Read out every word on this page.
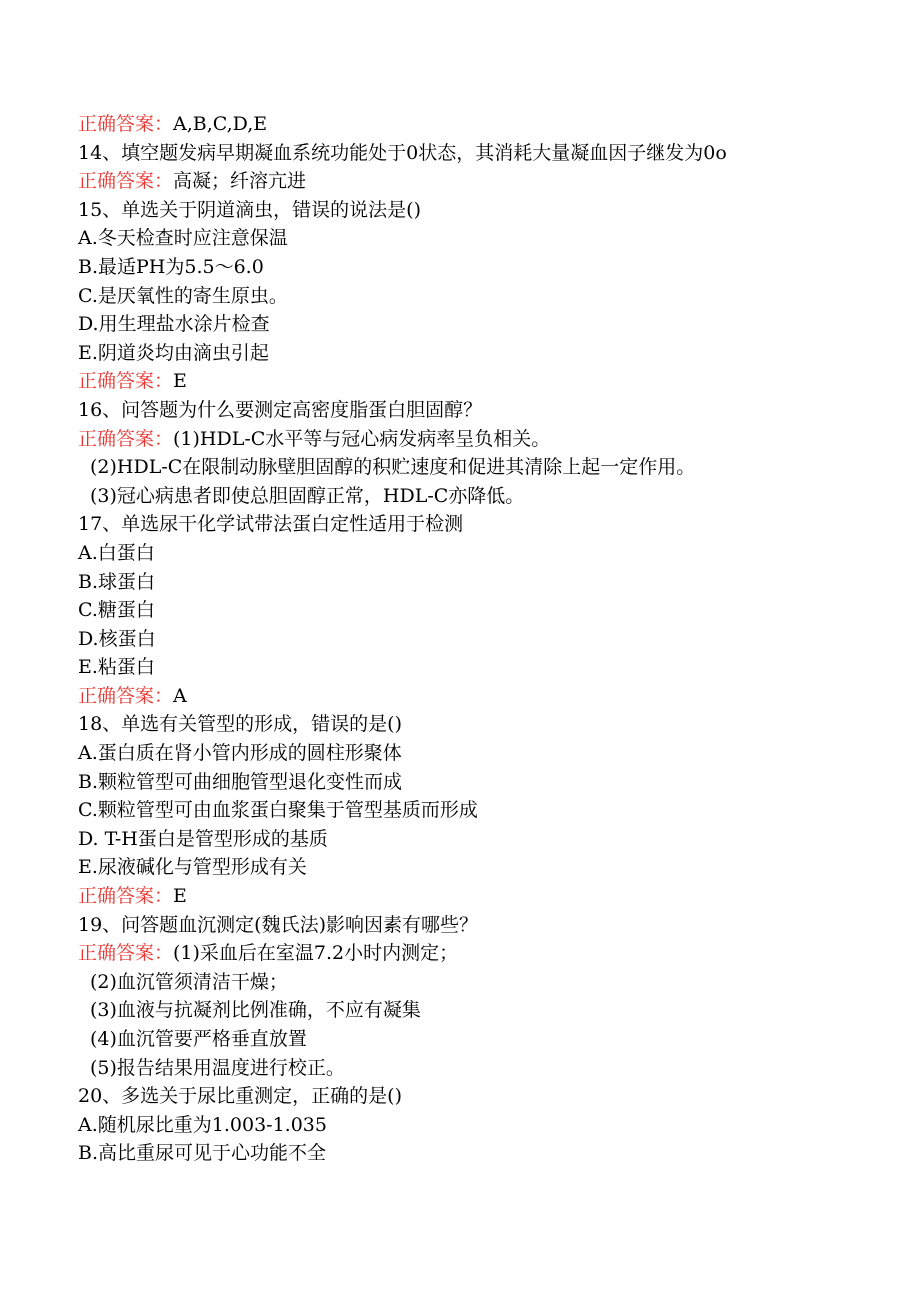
正确答案：A,B,C,D,E
14、填空题发病早期凝血系统功能处于0状态，其消耗大量凝血因子继发为0o
正确答案：高凝；纤溶亢进
15、单选关于阴道滴虫，错误的说法是()
A.冬天检查时应注意保温
B.最适PH为5.5～6.0
C.是厌氧性的寄生原虫。
D.用生理盐水涂片检查
E.阴道炎均由滴虫引起
正确答案：E
16、问答题为什么要测定高密度脂蛋白胆固醇？
正确答案：(1)HDL-C水平等与冠心病发病率呈负相关。
(2)HDL-C在限制动脉壁胆固醇的积贮速度和促进其清除上起一定作用。
(3)冠心病患者即使总胆固醇正常，HDL-C亦降低。
17、单选尿干化学试带法蛋白定性适用于检测
A.白蛋白
B.球蛋白
C.糖蛋白
D.核蛋白
E.粘蛋白
正确答案：A
18、单选有关管型的形成，错误的是()
A.蛋白质在肾小管内形成的圆柱形聚体
B.颗粒管型可曲细胞管型退化变性而成
C.颗粒管型可由血浆蛋白聚集于管型基质而形成
D. T-H蛋白是管型形成的基质
E.尿液碱化与管型形成有关
正确答案：E
19、问答题血沉测定(魏氏法)影响因素有哪些？
正确答案：(1)采血后在室温7.2小时内测定；
(2)血沉管须清洁干燥；
(3)血液与抗凝剂比例准确，不应有凝集
(4)血沉管要严格垂直放置
(5)报告结果用温度进行校正。
20、多选关于尿比重测定，正确的是()
A.随机尿比重为1.003-1.035
B.高比重尿可见于心功能不全
